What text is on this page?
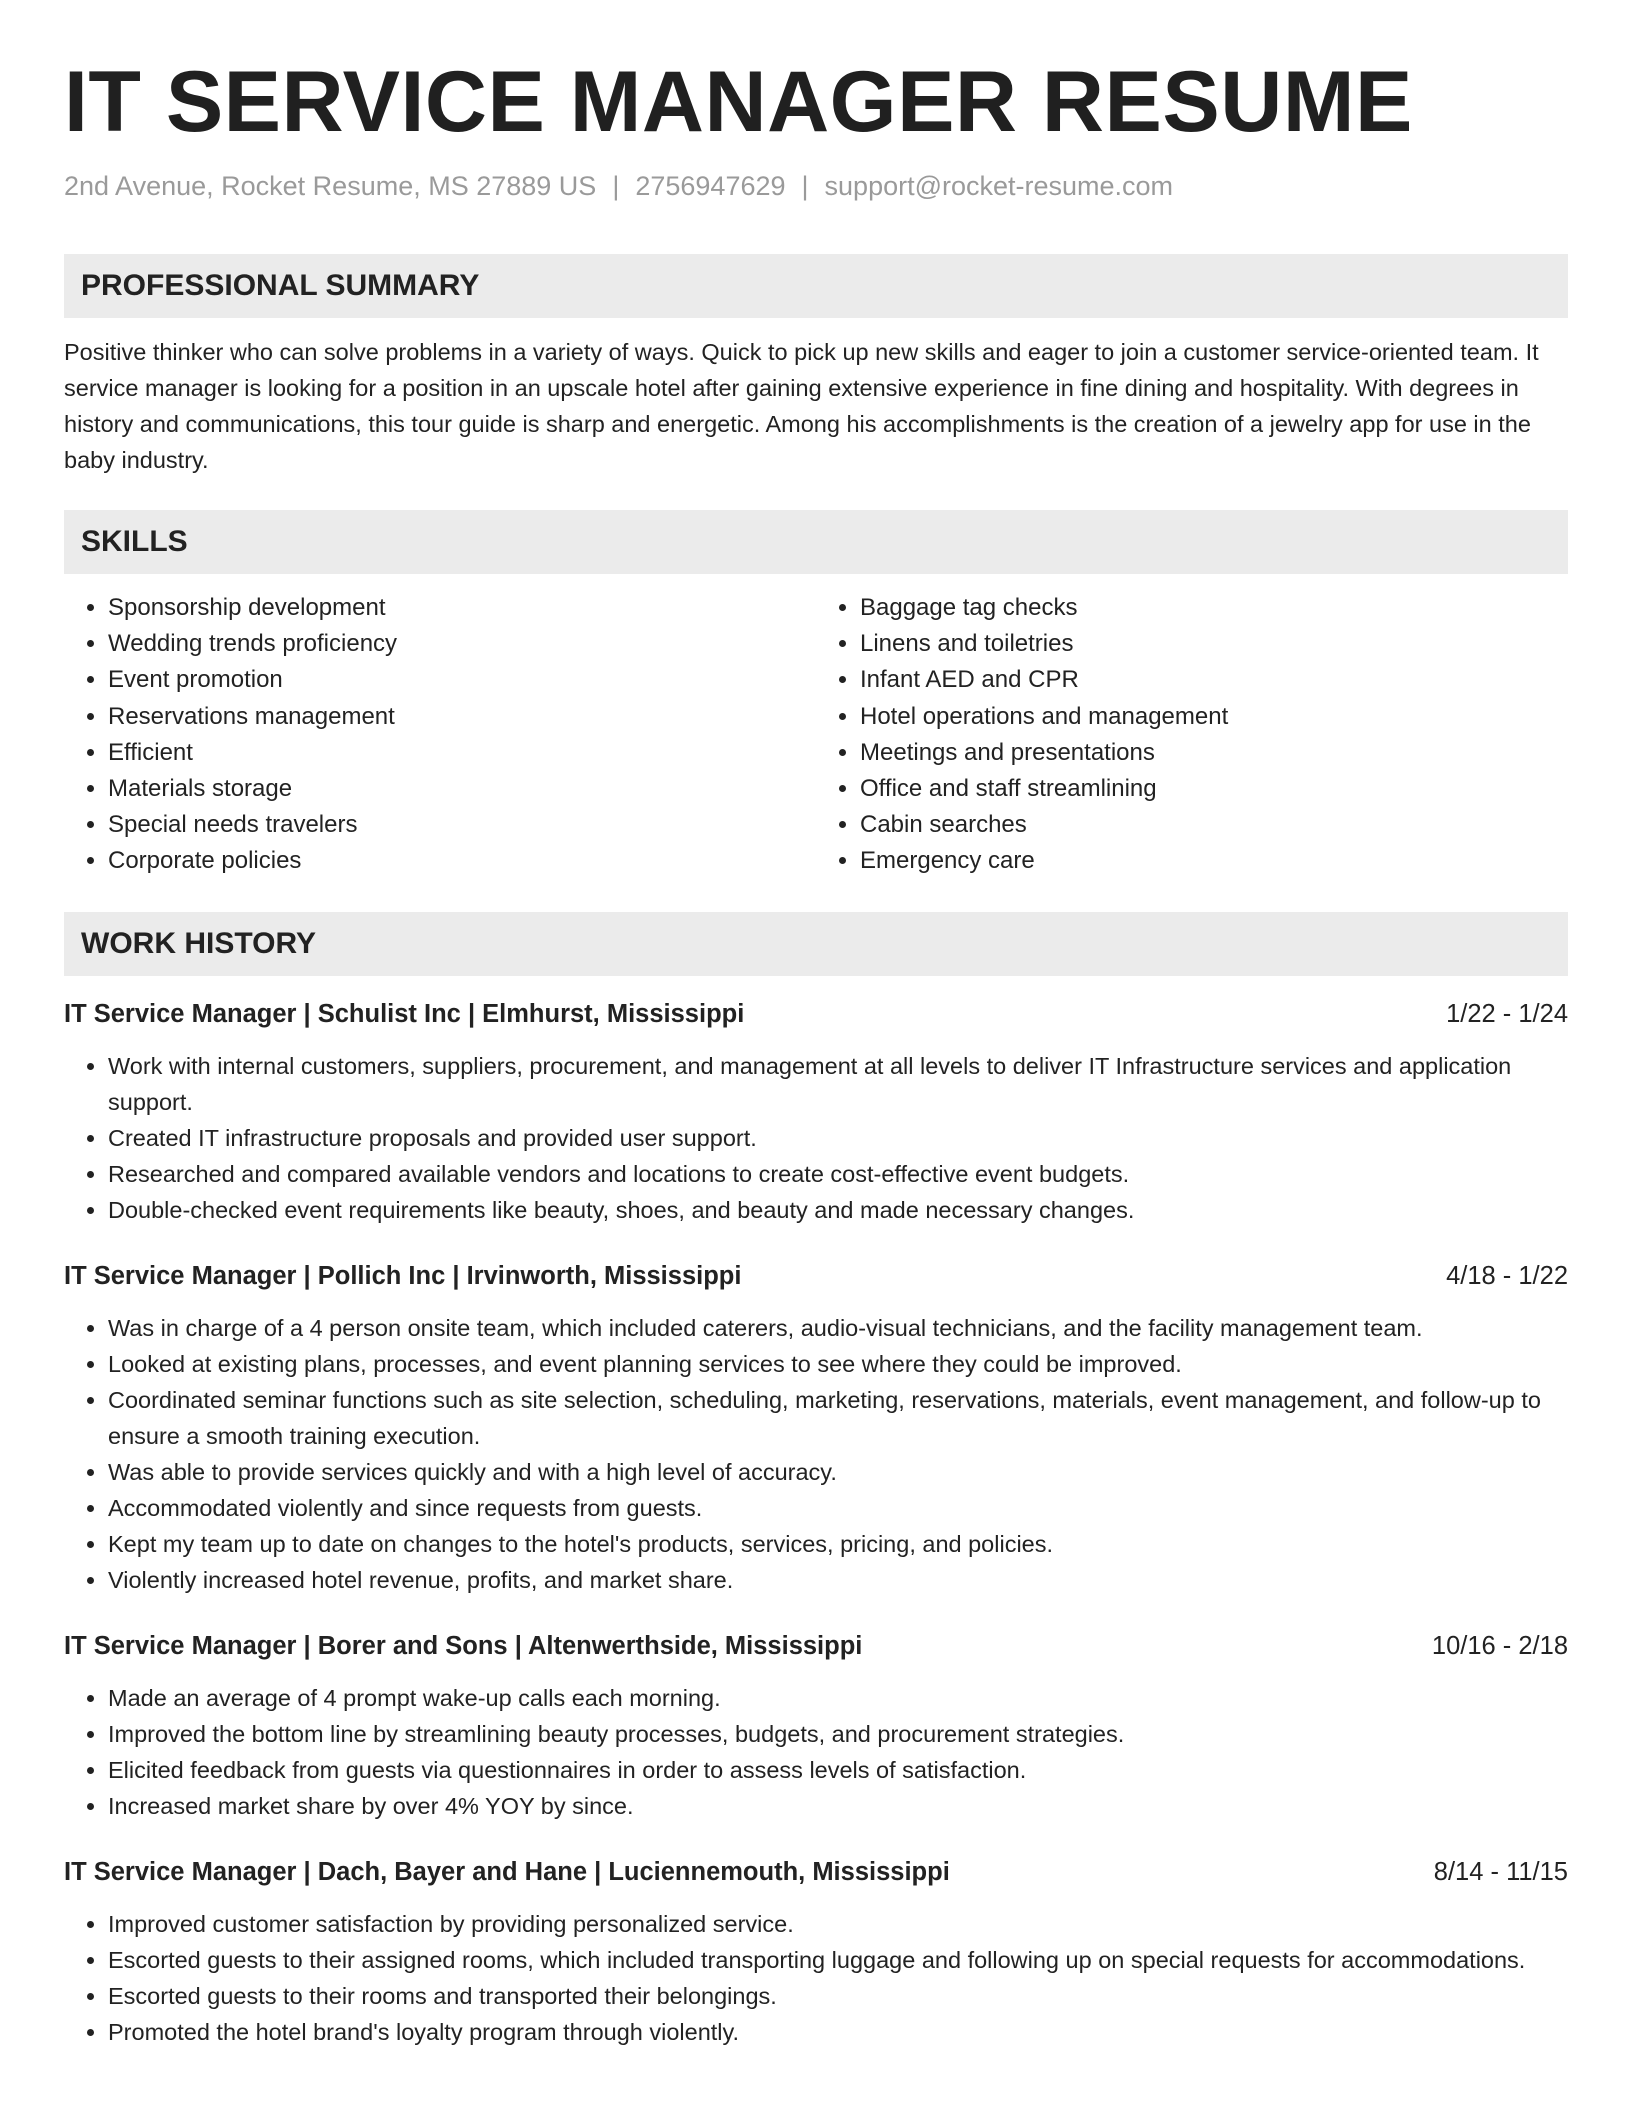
IT SERVICE MANAGER RESUME
2nd Avenue, Rocket Resume, MS 27889 US | 2756947629 | support@rocket-resume.com
PROFESSIONAL SUMMARY

Positive thinker who can solve problems in a variety of ways. Quick to pick up new skills and eager to join a customer service-oriented team. It service manager is looking for a position in an upscale hotel after gaining extensive experience in fine dining and hospitality. With degrees in history and communications, this tour guide is sharp and energetic. Among his accomplishments is the creation of a jewelry app for use in the baby industry.

SKILLS
• Sponsorship development
• Wedding trends proficiency
• Event promotion
• Reservations management
• Efficient
• Materials storage
• Special needs travelers
• Corporate policies
• Baggage tag checks
• Linens and toiletries
• Infant AED and CPR
• Hotel operations and management
• Meetings and presentations
• Office and staff streamlining
• Cabin searches
• Emergency care
WORK HISTORY
IT Service Manager | Schulist Inc | Elmhurst, Mississippi	1/22 - 1/24
• Work with internal customers, suppliers, procurement, and management at all levels to deliver IT Infrastructure services and application support.
• Created IT infrastructure proposals and provided user support.
• Researched and compared available vendors and locations to create cost-effective event budgets.
• Double-checked event requirements like beauty, shoes, and beauty and made necessary changes.
IT Service Manager | Pollich Inc | Irvinworth, Mississippi	4/18 - 1/22
• Was in charge of a 4 person onsite team, which included caterers, audio-visual technicians, and the facility management team.
• Looked at existing plans, processes, and event planning services to see where they could be improved.
• Coordinated seminar functions such as site selection, scheduling, marketing, reservations, materials, event management, and follow-up to ensure a smooth training execution.
• Was able to provide services quickly and with a high level of accuracy.
• Accommodated violently and since requests from guests.
• Kept my team up to date on changes to the hotel's products, services, pricing, and policies.
• Violently increased hotel revenue, profits, and market share.
IT Service Manager | Borer and Sons | Altenwerthside, Mississippi	10/16 - 2/18
• Made an average of 4 prompt wake-up calls each morning.
• Improved the bottom line by streamlining beauty processes, budgets, and procurement strategies.
• Elicited feedback from guests via questionnaires in order to assess levels of satisfaction.
• Increased market share by over 4% YOY by since.
IT Service Manager | Dach, Bayer and Hane | Luciennemouth, Mississippi	8/14 - 11/15
• Improved customer satisfaction by providing personalized service.
• Escorted guests to their assigned rooms, which included transporting luggage and following up on special requests for accommodations.
• Escorted guests to their rooms and transported their belongings.
• Promoted the hotel brand's loyalty program through violently.
